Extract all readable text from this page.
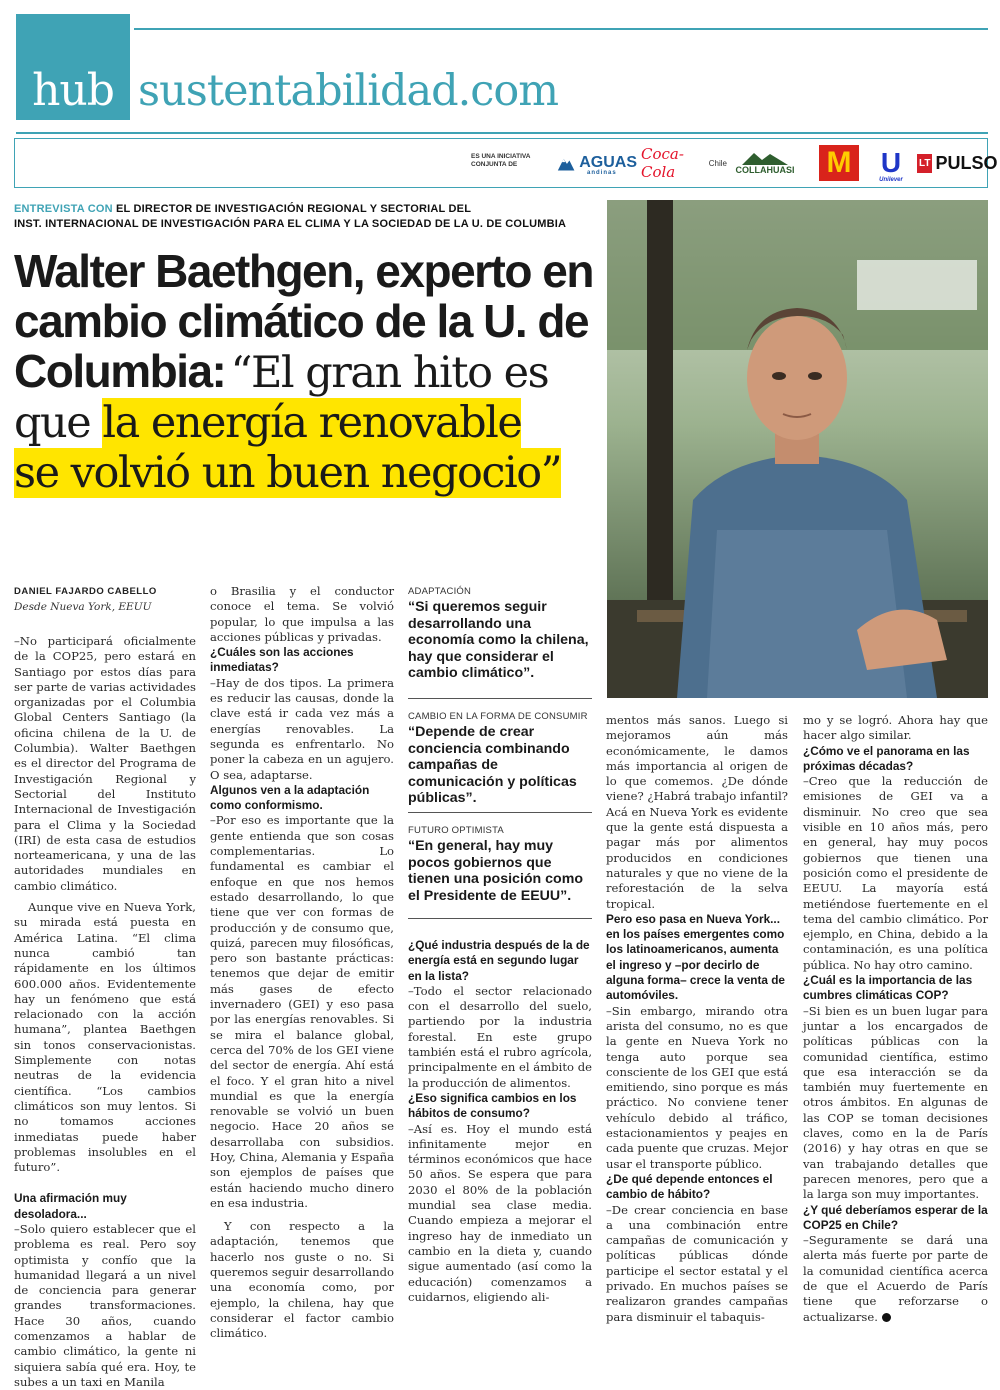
hub sustentabilidad.com
ES UNA INICIATIVA CONJUNTA DE	AGUAS
andinas
Coca-Cola	Chile
COLLAHUASI M U
Unilever
LT PULSO
ENTREVISTA CON EL DIRECTOR DE INVESTIGACIÓN REGIONAL Y SECTORIAL DEL
INST. INTERNACIONAL DE INVESTIGACIÓN PARA EL CLIMA Y LA SOCIEDAD DE LA U. DE COLUMBIA
Walter Baethgen, experto en
cambio climático de la U. de
Columbia: “El gran hito es
que la energía renovable
se volvió un buen negocio”
DANIEL FAJARDO CABELLO
Desde Nueva York, EEUU

–No participará oficialmente de la COP25, pero estará en Santiago por estos días para ser parte de varias actividades organizadas por el Columbia Global Centers Santiago (la oficina chilena de la U. de Columbia). Walter Baethgen es el director del Programa de Investigación Regional y Sectorial del Instituto Internacional de Investigación para el Clima y la Sociedad (IRI) de esta casa de estudios norteamericana, y una de las autoridades mundiales en cambio climático.

Aunque vive en Nueva York, su mirada está puesta en América Latina. “El clima nunca cambió tan rápidamente en los últimos 600.000 años. Evidentemente hay un fenómeno que está relacionado con la acción humana”, plantea Baethgen sin tonos conservacionistas. Simplemente con notas neutras de la evidencia científica. “Los cambios climáticos son muy lentos. Si no tomamos acciones inmediatas puede haber problemas insolubles en el futuro”.

Una afirmación muy desoladora...

–Solo quiero establecer que el problema es real. Pero soy optimista y confío que la humanidad llegará a un nivel de conciencia para generar grandes transformaciones. Hace 30 años, cuando comenzamos a hablar de cambio climático, la gente ni siquiera sabía qué era. Hoy, te subes a un taxi en Manila

o Brasilia y el conductor conoce el tema. Se volvió popular, lo que impulsa a las acciones públicas y privadas.

¿Cuáles son las acciones inmediatas?

–Hay de dos tipos. La primera es reducir las causas, donde la clave está ir cada vez más a energías renovables. La segunda es enfrentarlo. No poner la cabeza en un agujero. O sea, adaptarse.

Algunos ven a la adaptación como conformismo.

–Por eso es importante que la gente entienda que son cosas complementarias. Lo fundamental es cambiar el enfoque en que nos hemos estado desarrollando, lo que tiene que ver con formas de producción y de consumo que, quizá, parecen muy filosóficas, pero son bastante prácticas: tenemos que dejar de emitir más gases de efecto invernadero (GEI) y eso pasa por las energías renovables. Si se mira el balance global, cerca del 70% de los GEI viene del sector de energía. Ahí está el foco. Y el gran hito a nivel mundial es que la energía renovable se volvió un buen negocio. Hace 20 años se desarrollaba con subsidios. Hoy, China, Alemania y España son ejemplos de países que están haciendo mucho dinero en esa industria.

Y con respecto a la adaptación, tenemos que hacerlo nos guste o no. Si queremos seguir desarrollando una economía como, por ejemplo, la chilena, hay que considerar el factor cambio climático.

ADAPTACIÓN
“Si queremos seguir desarrollando una economía como la chilena, hay que considerar el cambio climático”.
CAMBIO EN LA FORMA DE CONSUMIR
“Depende de crear conciencia combinando campañas de comunicación y políticas públicas”.
FUTURO OPTIMISTA
“En general, hay muy pocos gobiernos que tienen una posición como el Presidente de EEUU”.

¿Qué industria después de la de energía está en segundo lugar en la lista?

–Todo el sector relacionado con el desarrollo del suelo, partiendo por la industria forestal. En este grupo también está el rubro agrícola, principalmente en el ámbito de la producción de alimentos.

¿Eso significa cambios en los hábitos de consumo?

–Así es. Hoy el mundo está infinitamente mejor en términos económicos que hace 50 años. Se espera que para 2030 el 80% de la población mundial sea clase media. Cuando empieza a mejorar el ingreso hay de inmediato un cambio en la dieta y, cuando sigue aumentado (así como la educación) comenzamos a cuidarnos, eligiendo ali-

mentos más sanos. Luego si mejoramos aún más económicamente, le damos más importancia al origen de lo que comemos. ¿De dónde viene? ¿Habrá trabajo infantil? Acá en Nueva York es evidente que la gente está dispuesta a pagar más por alimentos producidos en condiciones naturales y que no viene de la reforestación de la selva tropical.

Pero eso pasa en Nueva York... en los países emergentes como los latinoamericanos, aumenta el ingreso y –por decirlo de alguna forma– crece la venta de automóviles.

–Sin embargo, mirando otra arista del consumo, no es que la gente en Nueva York no tenga auto porque sea consciente de los GEI que está emitiendo, sino porque es más práctico. No conviene tener vehículo debido al tráfico, estacionamientos y peajes en cada puente que cruzas. Mejor usar el transporte público.

¿De qué depende entonces el cambio de hábito?

–De crear conciencia en base a una combinación entre campañas de comunicación y políticas públicas dónde participe el sector estatal y el privado. En muchos países se realizaron grandes campañas para disminuir el tabaquis-

mo y se logró. Ahora hay que hacer algo similar.

¿Cómo ve el panorama en las próximas décadas?

–Creo que la reducción de emisiones de GEI va a disminuir. No creo que sea visible en 10 años más, pero en general, hay muy pocos gobiernos que tienen una posición como el presidente de EEUU. La mayoría está metiéndose fuertemente en el tema del cambio climático. Por ejemplo, en China, debido a la contaminación, es una política pública. No hay otro camino.

¿Cuál es la importancia de las cumbres climáticas COP?

–Si bien es un buen lugar para juntar a los encargados de políticas públicas con la comunidad científica, estimo que esa interacción se da también muy fuertemente en otros ámbitos. En algunas de las COP se toman decisiones claves, como en la de París (2016) y hay otras en que se van trabajando detalles que parecen menores, pero que a la larga son muy importantes.

¿Y qué deberíamos esperar de la COP25 en Chile?

–Seguramente se dará una alerta más fuerte por parte de la comunidad científica acerca de que el Acuerdo de París tiene que reforzarse o actualizarse.
